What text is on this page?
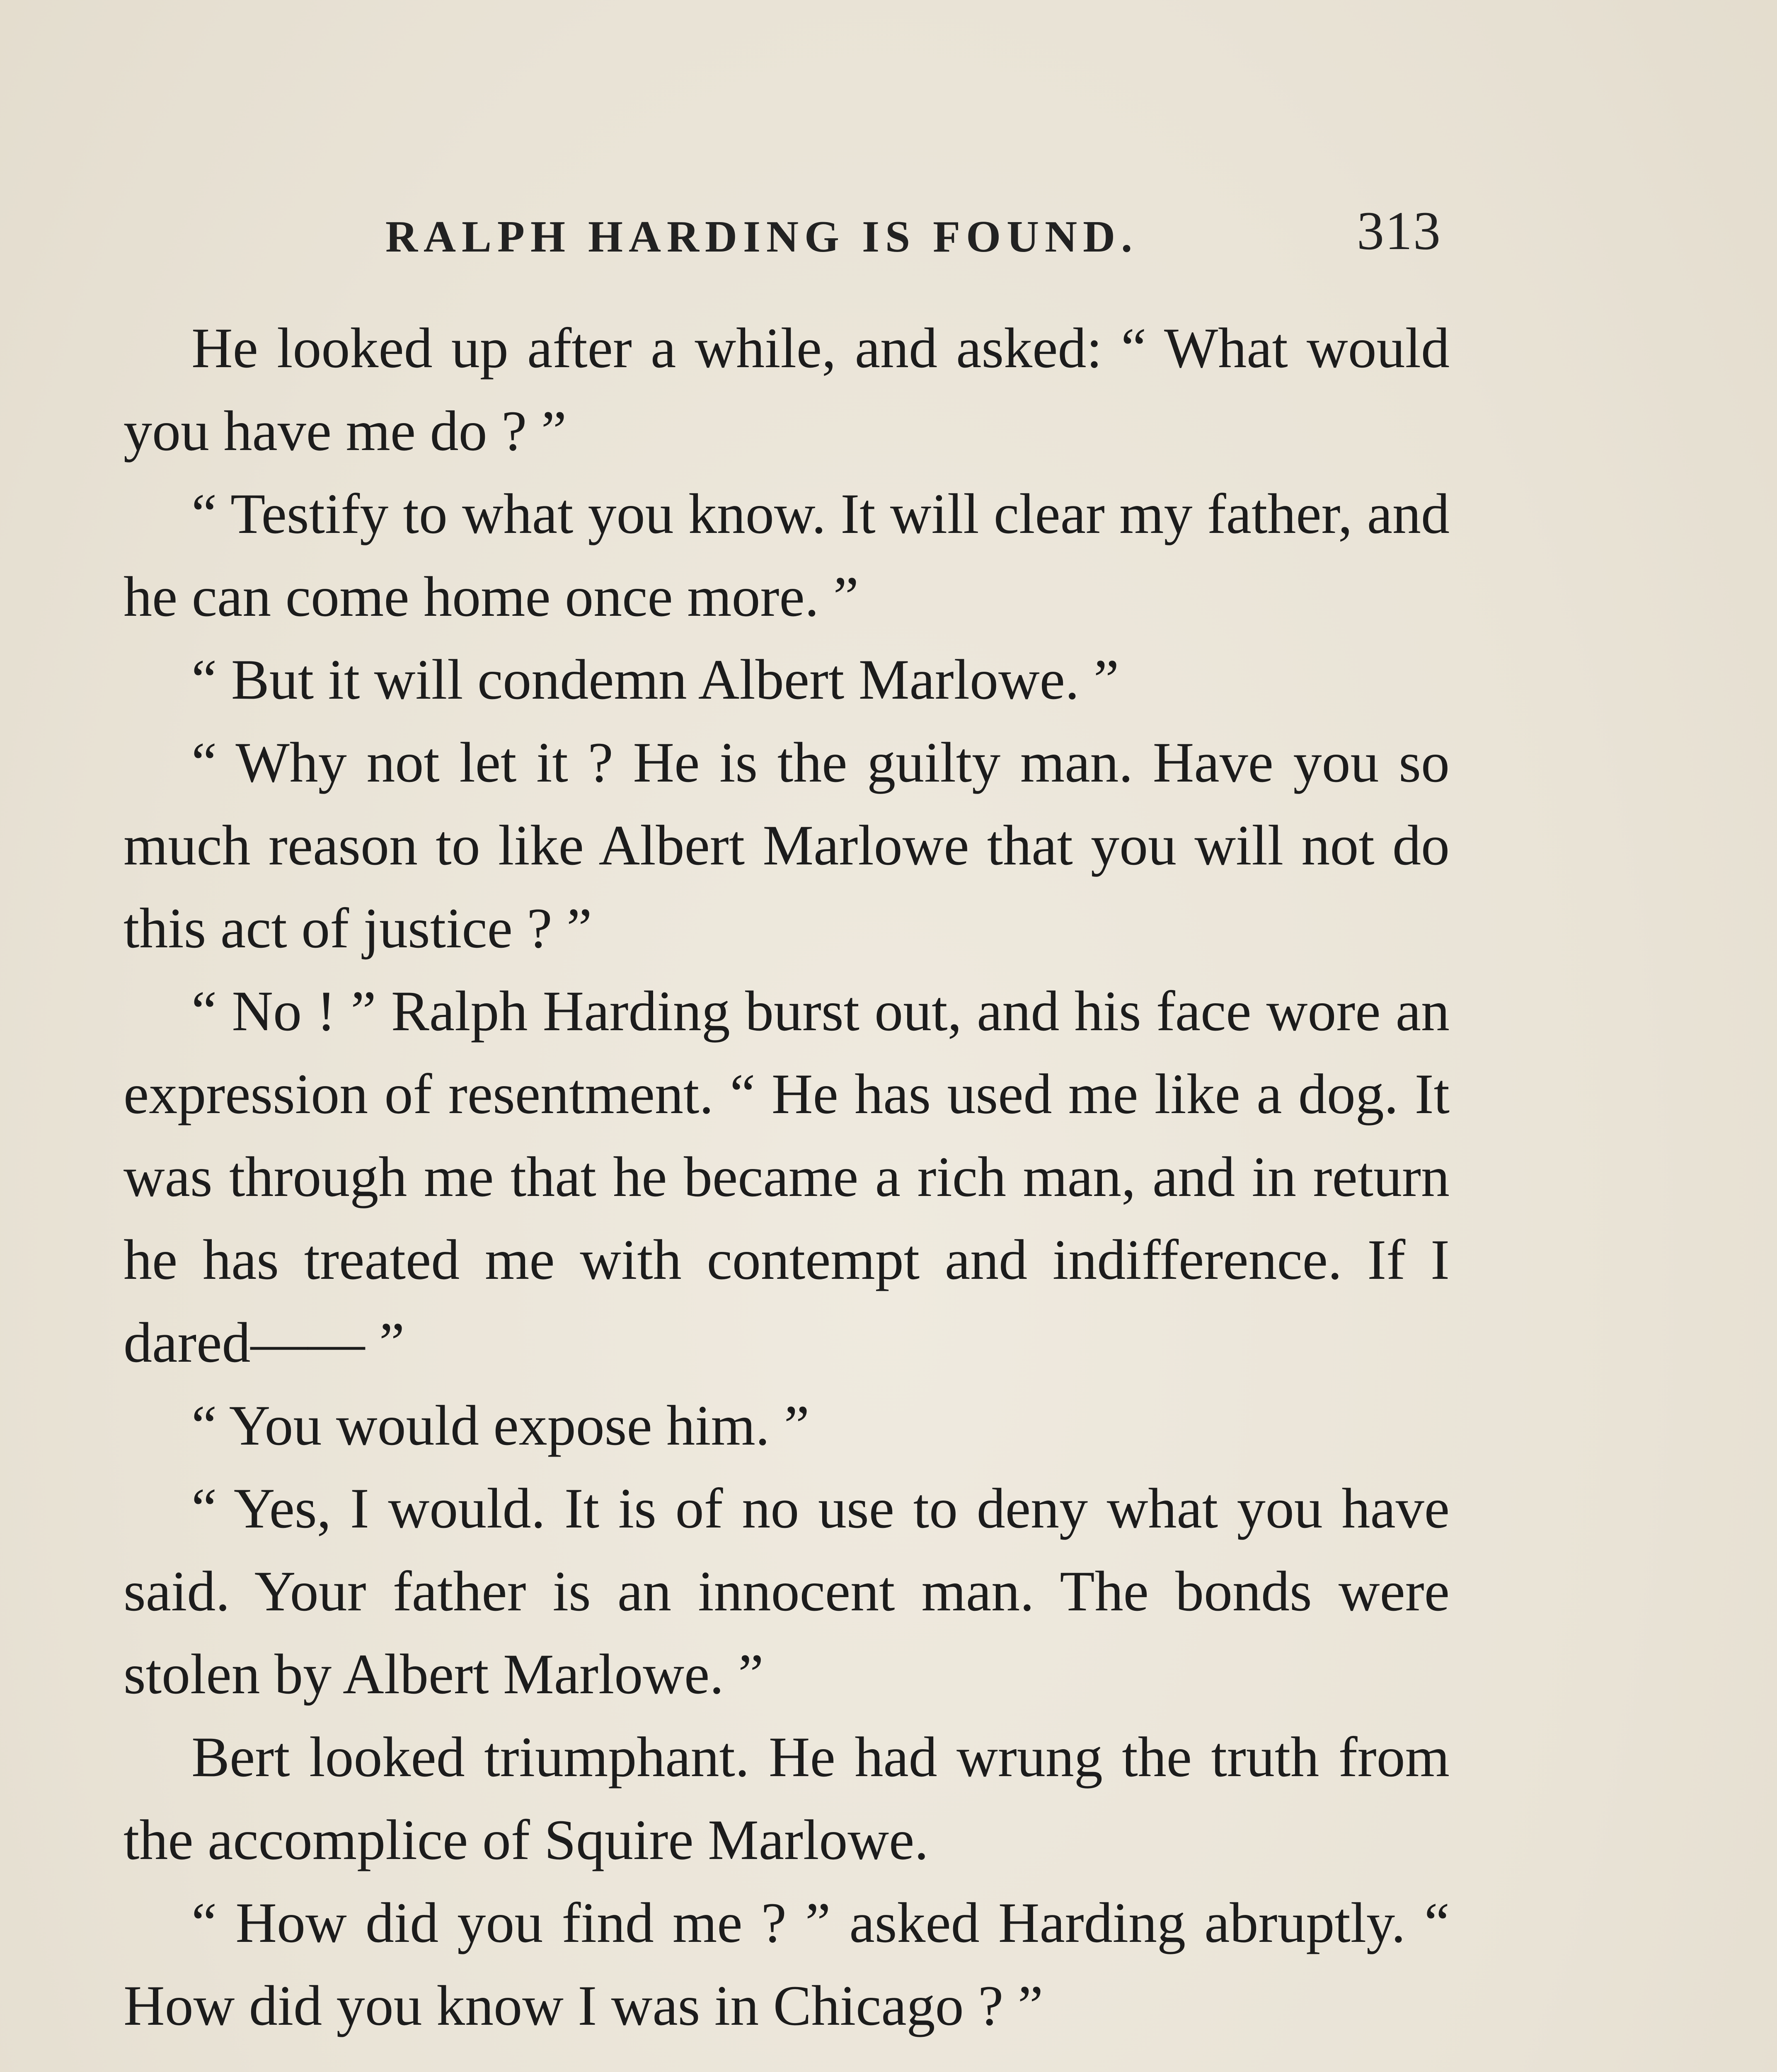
RALPH HARDING IS FOUND.	313

He looked up after a while, and asked: “ What would you have me do ? ”

“ Testify to what you know. It will clear my father, and he can come home once more. ”

“ But it will condemn Albert Marlowe. ”

“ Why not let it ? He is the guilty man. Have you so much reason to like Albert Marlowe that you will not do this act of justice ? ”

“ No ! ” Ralph Harding burst out, and his face wore an expression of resentment. “ He has used me like a dog. It was through me that he became a rich man, and in return he has treated me with contempt and indifference. If I dared—— ”

“ You would expose him. ”

“ Yes, I would. It is of no use to deny what you have said. Your father is an innocent man. The bonds were stolen by Albert Marlowe. ”

Bert looked triumphant. He had wrung the truth from the accomplice of Squire Marlowe.

“ How did you find me ? ” asked Harding abruptly. “ How did you know I was in Chicago ? ”
